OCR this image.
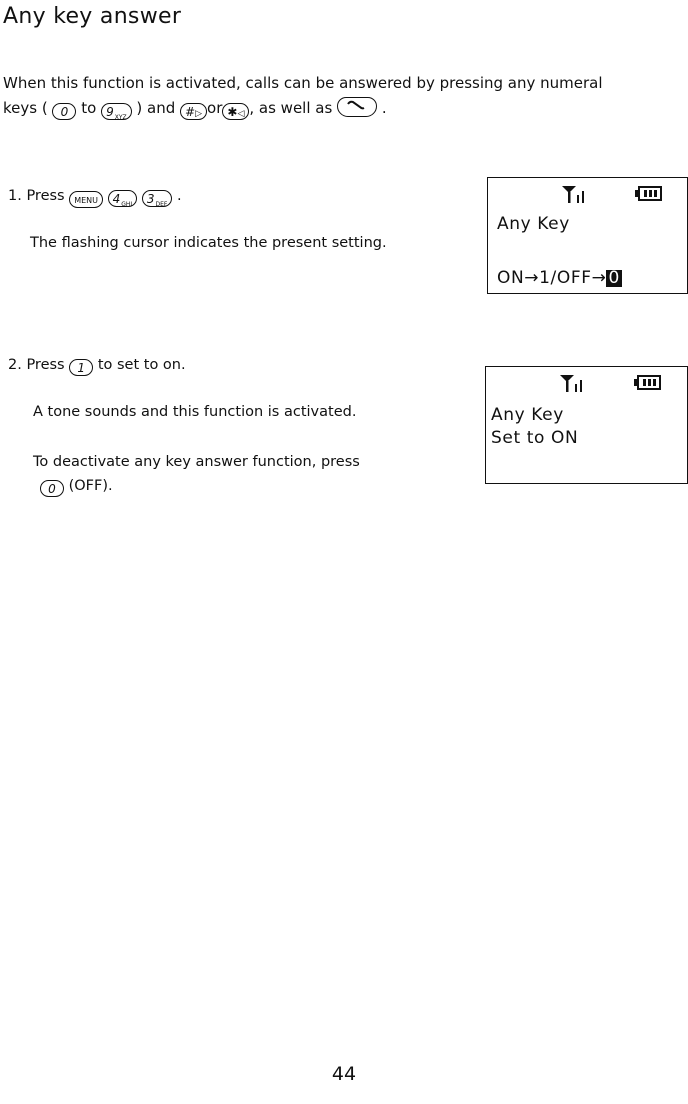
Any key answer
When this function is activated, calls can be answered by pressing any numeral
keys ( 0 to $9_{XYZ}$ ) and #▷ or ✱◁ , as well as	.
1. Press MENU $4_{GHI}$ $3_{DEF}$ .
The flashing cursor indicates the present setting.
Any Key
ON→1/OFF→ 0
2. Press 1 to set to on.
A tone sounds and this function is activated.
To deactivate any key answer function, press
0 (OFF).
Any Key
Set to ON
44
